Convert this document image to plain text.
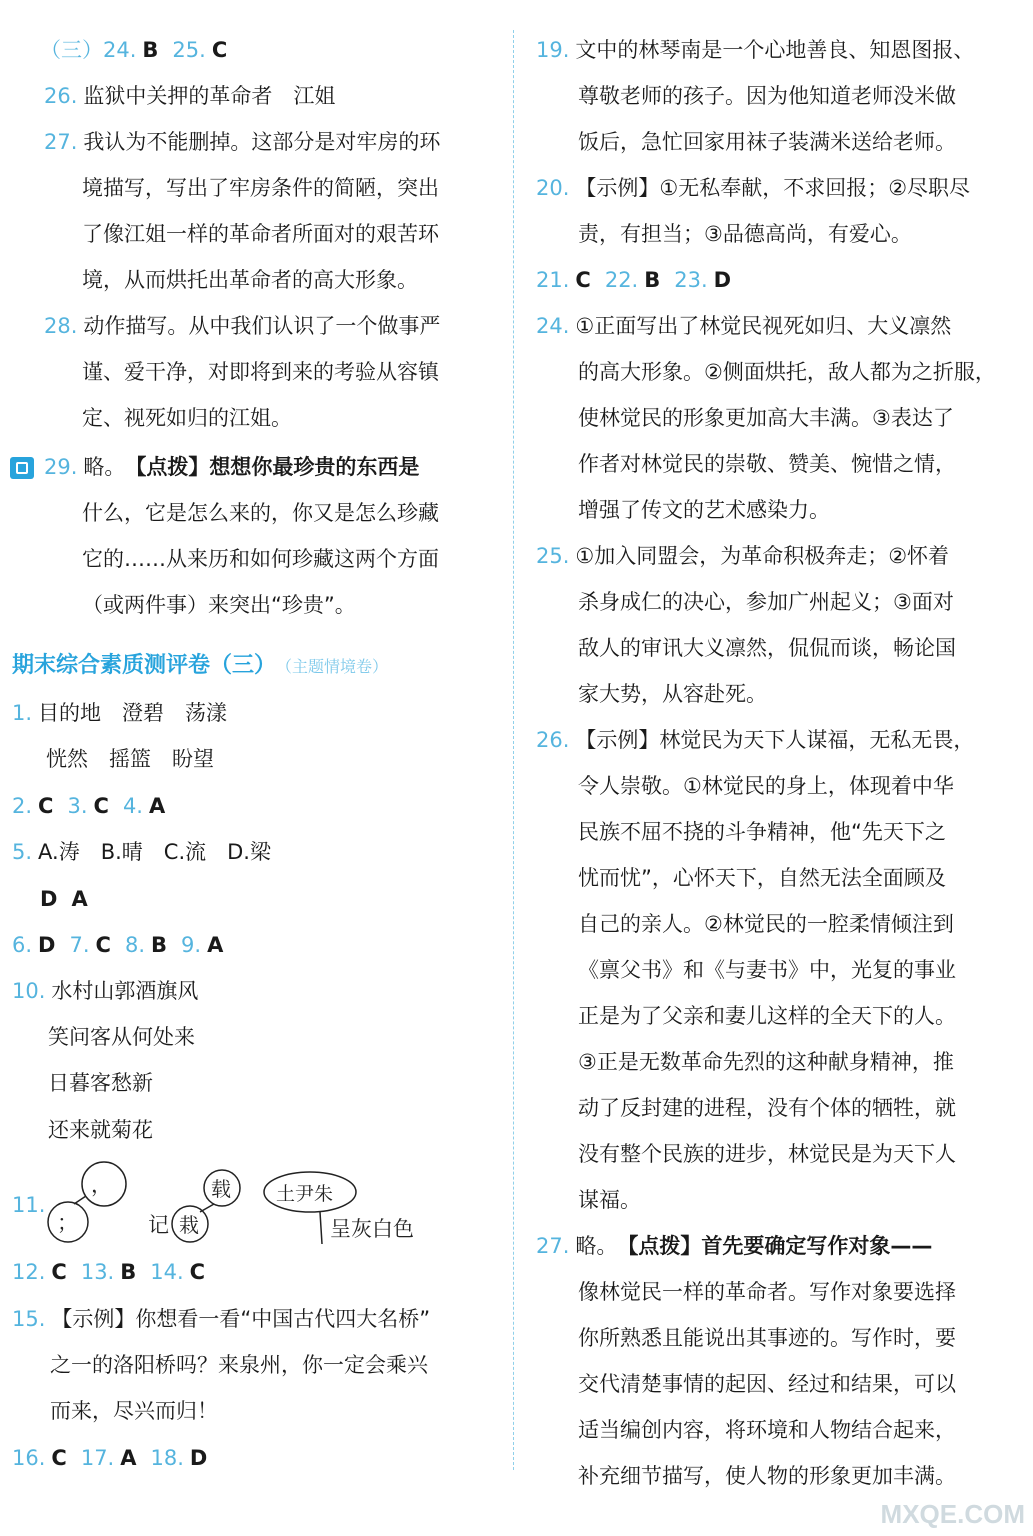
（三）24. B 25. C
26. 监狱中关押的革命者　江姐
27. 我认为不能删掉。这部分是对牢房的环
境描写，写出了牢房条件的简陋，突出
了像江姐一样的革命者所面对的艰苦环
境，从而烘托出革命者的高大形象。
28. 动作描写。从中我们认识了一个做事严
谨、爱干净，对即将到来的考验从容镇
定、视死如归的江姐。
29. 略。　 【点拨】想想你最珍贵的东西是
什么，它是怎么来的，你又是怎么珍藏
它的……从来历和如何珍藏这两个方面
（或两件事）来突出“珍贵”。
期末综合素质测评卷（三） （主题情境卷）
1. 目的地　澄碧　荡漾
恍然　摇篮　盼望
2. C 3. C 4. A
5. A.涛　B.晴　C.流　D.梁
D A
6. D 7. C 8. B 9. A
10. 水村山郭酒旗风
笑问客从何处来
日暮客愁新
还来就菊花
11.
，
；
载
记 栽
土尹朱
呈灰白色
12. C 13. B 14. C
15. 【示例】你想看一看“中国古代四大名桥”
之一的洛阳桥吗？来泉州，你一定会乘兴
而来，尽兴而归！
16. C 17. A 18. D
19. 文中的林琴南是一个心地善良、知恩图报、
尊敬老师的孩子。因为他知道老师没米做
饭后，急忙回家用袜子装满米送给老师。
20. 【示例】①无私奉献，不求回报；②尽职尽
责，有担当；③品德高尚，有爱心。
21. C 22. B 23. D
24. ①正面写出了林觉民视死如归、大义凛然
的高大形象。②侧面烘托，敌人都为之折服，
使林觉民的形象更加高大丰满。③表达了
作者对林觉民的崇敬、赞美、惋惜之情，
增强了传文的艺术感染力。
25. ①加入同盟会，为革命积极奔走；②怀着
杀身成仁的决心，参加广州起义；③面对
敌人的审讯大义凛然，侃侃而谈，畅论国
家大势，从容赴死。
26. 【示例】林觉民为天下人谋福，无私无畏，
令人崇敬。①林觉民的身上，体现着中华
民族不屈不挠的斗争精神，他“先天下之
忧而忧”，心怀天下，自然无法全面顾及
自己的亲人。②林觉民的一腔柔情倾注到
《禀父书》和《与妻书》中，光复的事业
正是为了父亲和妻儿这样的全天下的人。
③正是无数革命先烈的这种献身精神，推
动了反封建的进程，没有个体的牺牲，就
没有整个民族的进步，林觉民是为天下人
谋福。
27. 略。　 【点拨】首先要确定写作对象——
像林觉民一样的革命者。写作对象要选择
你所熟悉且能说出其事迹的。写作时，要
交代清楚事情的起因、经过和结果，可以
适当编创内容，将环境和人物结合起来，
补充细节描写，使人物的形象更加丰满。
MXQE.COM
